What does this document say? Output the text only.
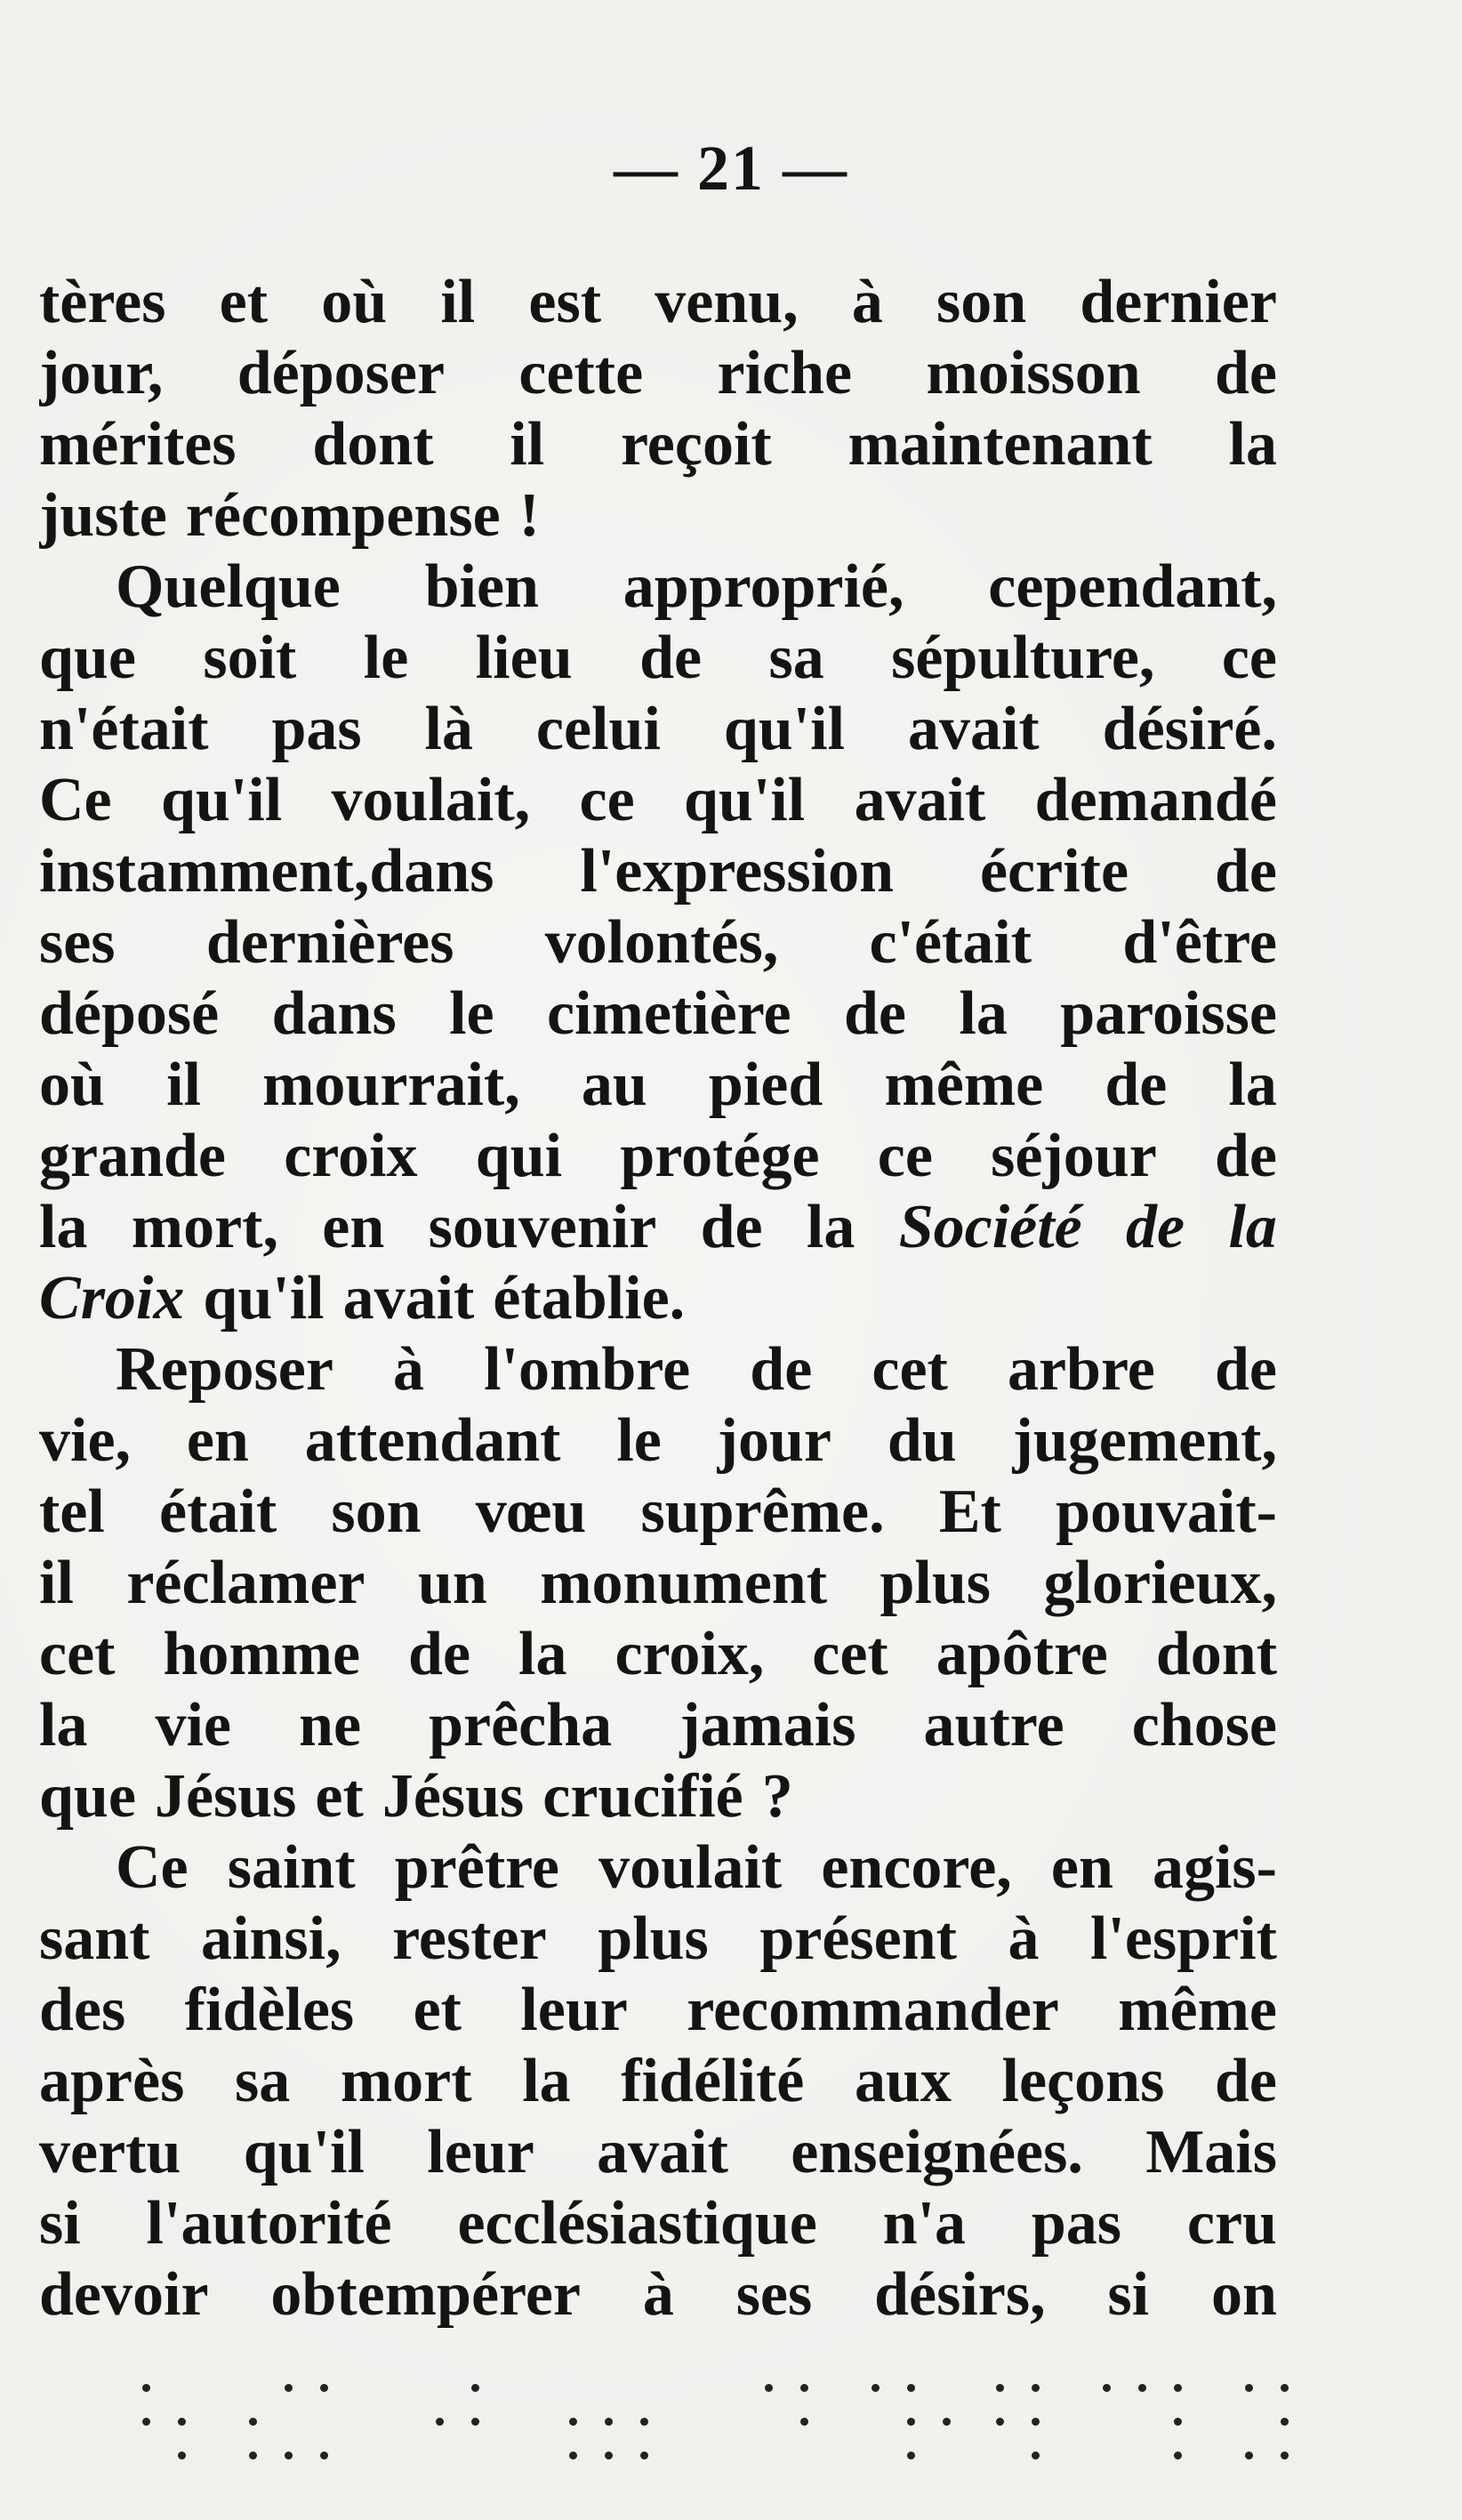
— 21 —
tères et où il est venu, à son dernier
jour, déposer cette riche moisson de
mérites dont il reçoit maintenant la
juste récompense !
Quelque bien approprié, cependant,
que soit le lieu de sa sépulture, ce
n'était pas là celui qu'il avait désiré.
Ce qu'il voulait, ce qu'il avait demandé
instamment,dans l'expression écrite de
ses dernières volontés, c'était d'être
déposé dans le cimetière de la paroisse
où il mourrait, au pied même de la
grande croix qui protége ce séjour de
la mort, en souvenir de la Société de la
Croix qu'il avait établie.
Reposer à l'ombre de cet arbre de
vie, en attendant le jour du jugement,
tel était son vœu suprême. Et pouvait-
il réclamer un monument plus glorieux,
cet homme de la croix, cet apôtre dont
la vie ne prêcha jamais autre chose
que Jésus et Jésus crucifié ?
Ce saint prêtre voulait encore, en agis-
sant ainsi, rester plus présent à l'esprit
des fidèles et leur recommander même
après sa mort la fidélité aux leçons de
vertu qu'il leur avait enseignées. Mais
si l'autorité ecclésiastique n'a pas cru
devoir obtempérer à ses désirs, si on
